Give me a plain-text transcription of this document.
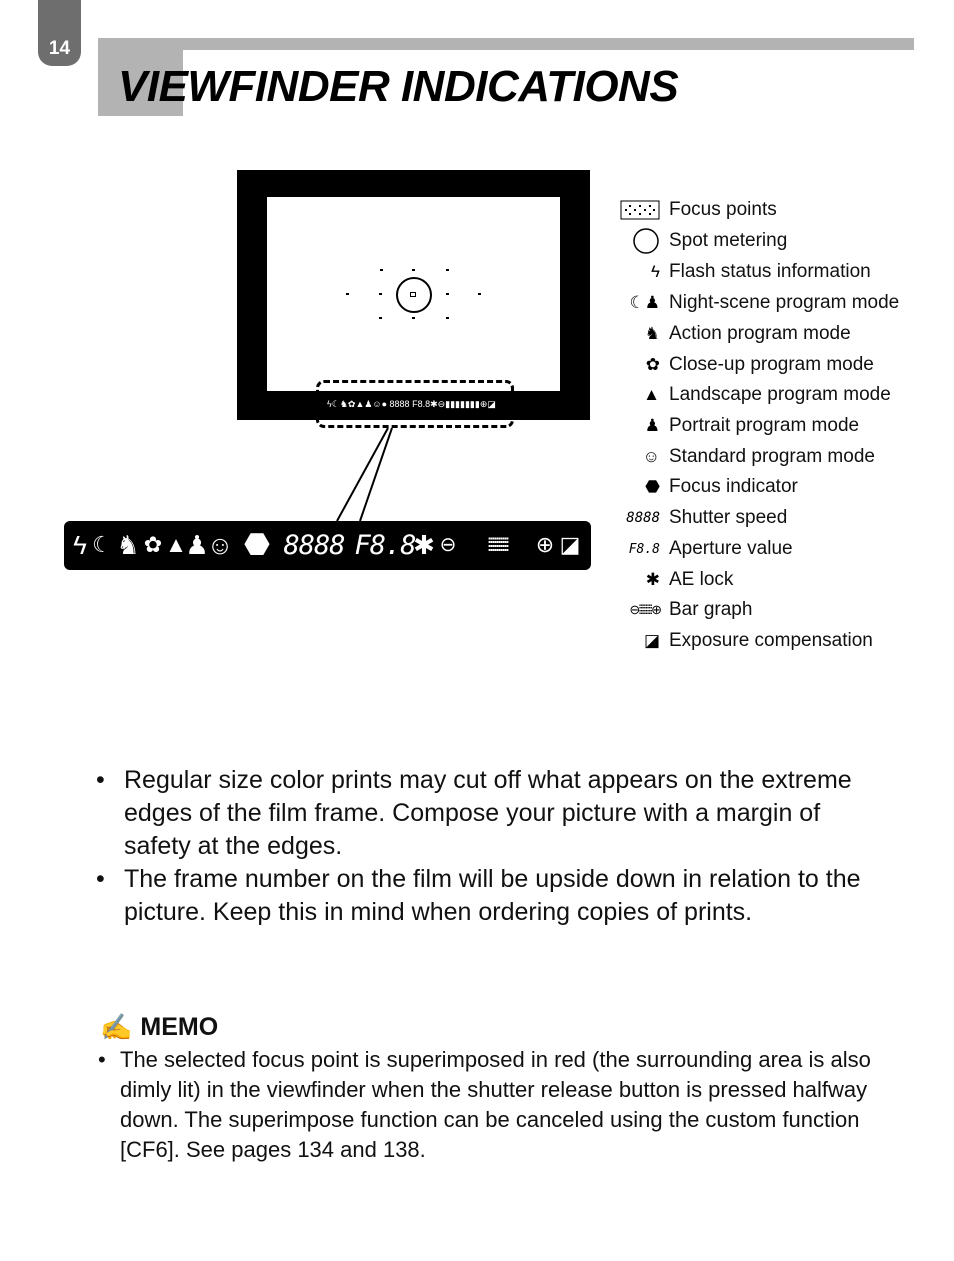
14
VIEWFINDER INDICATIONS
ϟ☾♞✿▲♟☺● 8888 F8.8✱⊖▮▮▮▮▮▮▮⊕◪
ϟ ☾ ♞ ✿ ▲
♟
☺ ⬣ 8888 F8.8
✱ ⊖	⁞⁞⁞⁞⁞⁞⁞⁞⁞⁞	⊕ ◪
Focus points
Spot metering
ϟ Flash status information
☾♟ Night-scene program mode
♞ Action program mode
✿ Close-up program mode
▲ Landscape program mode
♟ Portrait program mode
☺ Standard program mode
⬣ Focus indicator
8888 Shutter speed
F8.8 Aperture value
✱ AE lock
⊖⁞⁞⁞⁞⁞⁞⁞⁞⊕ Bar graph
◪ Exposure compensation
• Regular size color prints may cut off what appears on the extreme edges of the film frame. Compose your picture with a margin of safety at the edges.
• The frame number on the film will be upside down in relation to the picture. Keep this in mind when ordering copies of prints.
✍ MEMO
• The selected focus point is superimposed in red (the surrounding area is also dimly lit) in the viewfinder when the shutter release button is pressed halfway down. The superimpose function can be canceled using the custom function [CF6]. See pages 134 and 138.
